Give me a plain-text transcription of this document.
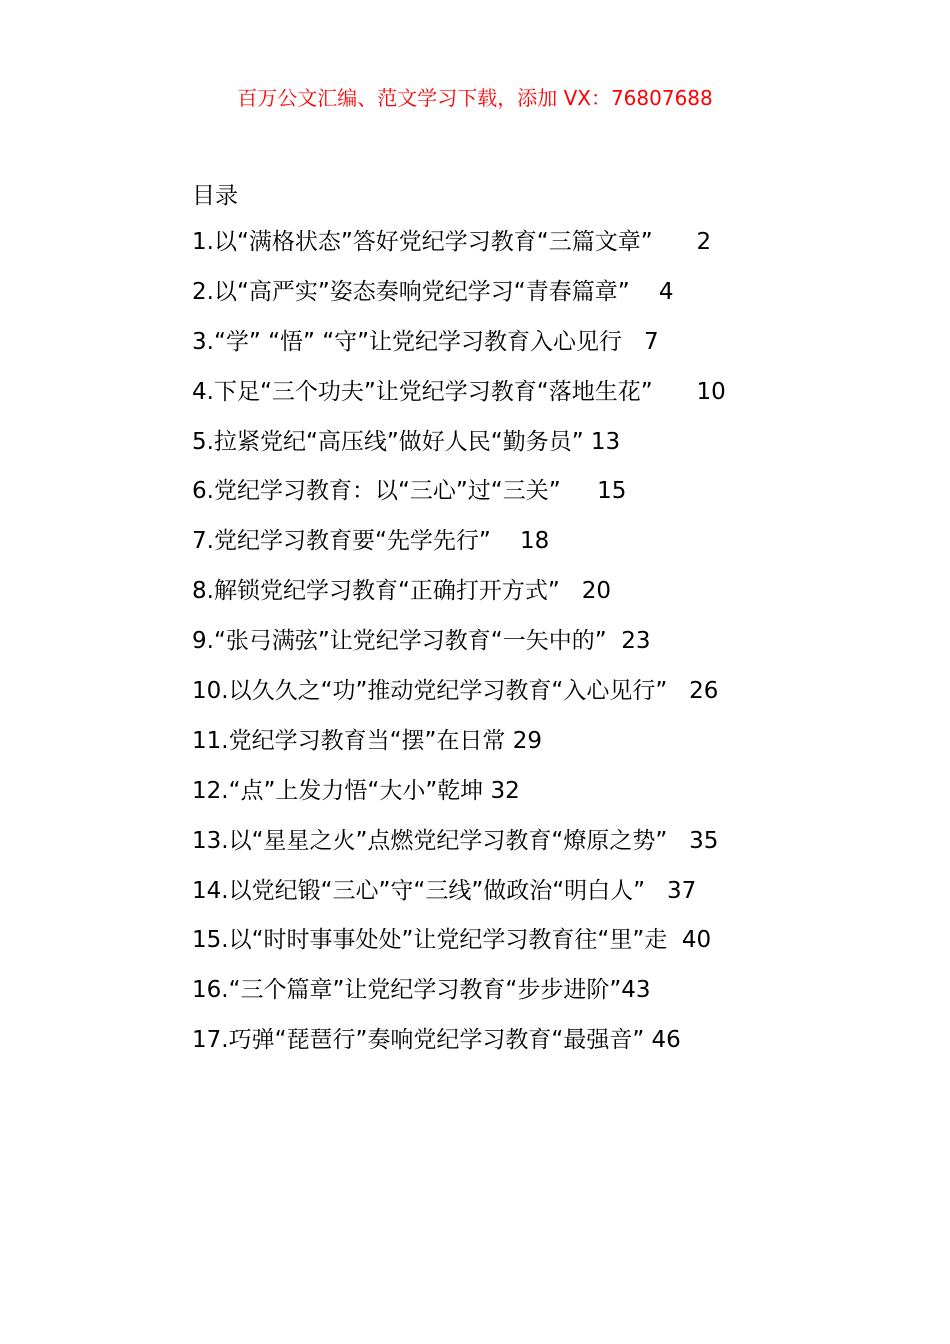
百万公文汇编、范文学习下载，添加 VX：76807688
目录
1.以“满格状态”答好党纪学习教育“三篇文章”      2
2.以“高严实”姿态奏响党纪学习“青春篇章”    4
3.“学” “悟” “守”让党纪学习教育入心见行   7
4.下足“三个功夫”让党纪学习教育“落地生花”      10
5.拉紧党纪“高压线”做好人民“勤务员” 13
6.党纪学习教育：以“三心”过“三关”     15
7.党纪学习教育要“先学先行”    18
8.解锁党纪学习教育“正确打开方式”   20
9.“张弓满弦”让党纪学习教育“一矢中的”  23
10.以久久之“功”推动党纪学习教育“入心见行”   26
11.党纪学习教育当“摆”在日常 29
12.“点”上发力悟“大小”乾坤 32
13.以“星星之火”点燃党纪学习教育“燎原之势”   35
14.以党纪锻“三心”守“三线”做政治“明白人”   37
15.以“时时事事处处”让党纪学习教育往“里”走  40
16.“三个篇章”让党纪学习教育“步步进阶”43
17.巧弹“琵琶行”奏响党纪学习教育“最强音” 46
